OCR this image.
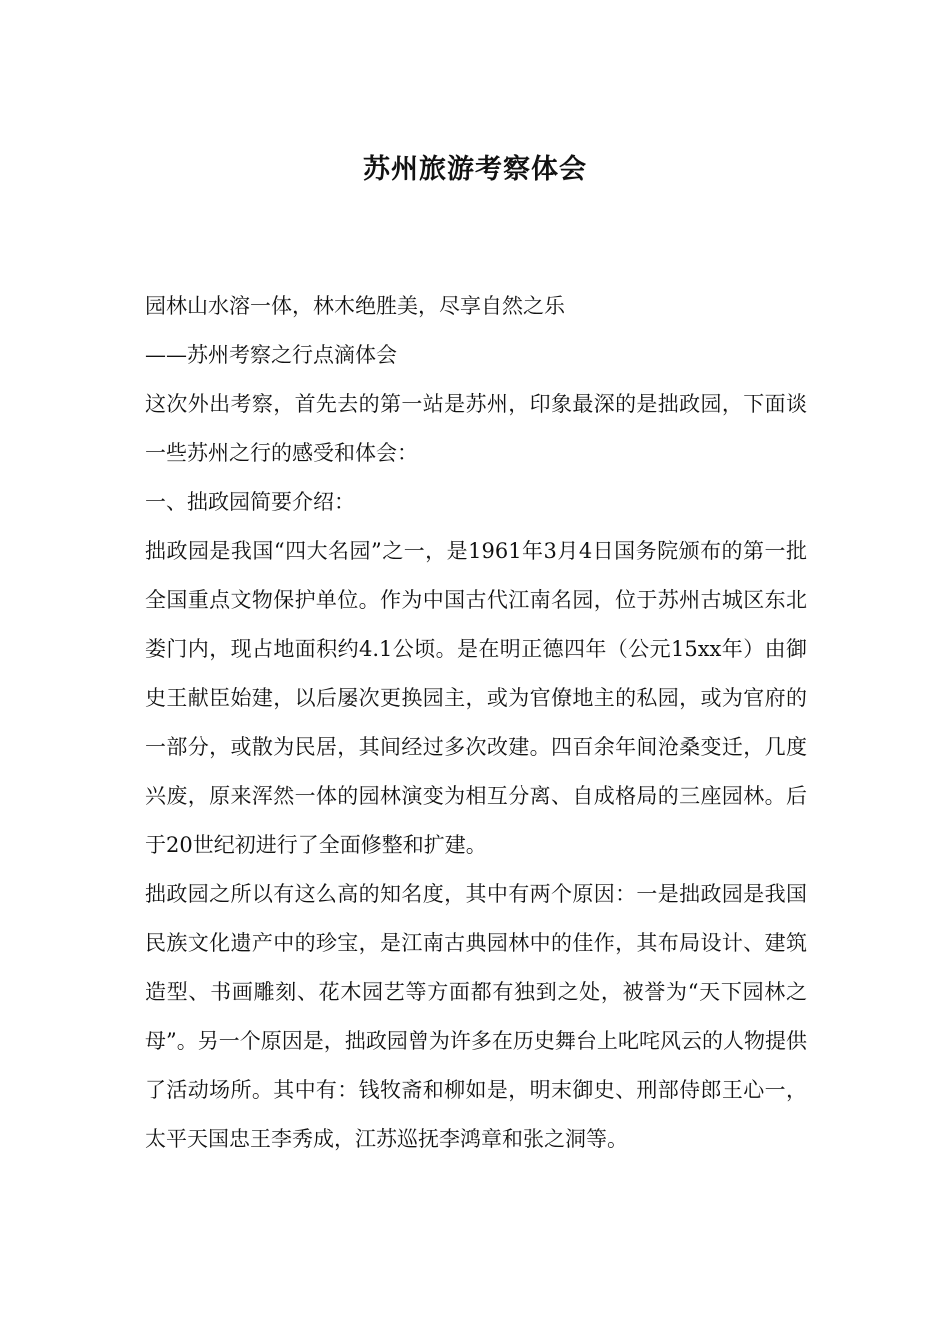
苏州旅游考察体会

园林山水溶一体，林木绝胜美，尽享自然之乐

——苏州考察之行点滴体会

这次外出考察，首先去的第一站是苏州，印象最深的是拙政园，下面谈一些苏州之行的感受和体会：

一、拙政园简要介绍：

拙政园是我国“四大名园”之一，是1961年3月4日国务院颁布的第一批全国重点文物保护单位。作为中国古代江南名园，位于苏州古城区东北娄门内，现占地面积约4.1公顷。是在明正德四年（公元15xx年）由御史王献臣始建，以后屡次更换园主，或为官僚地主的私园，或为官府的一部分，或散为民居，其间经过多次改建。四百余年间沧桑变迁，几度兴废，原来浑然一体的园林演变为相互分离、自成格局的三座园林。后于20世纪初进行了全面修整和扩建。

拙政园之所以有这么高的知名度，其中有两个原因：一是拙政园是我国民族文化遗产中的珍宝，是江南古典园林中的佳作，其布局设计、建筑造型、书画雕刻、花木园艺等方面都有独到之处，被誉为“天下园林之母”。另一个原因是，拙政园曾为许多在历史舞台上叱咤风云的人物提供了活动场所。其中有：钱牧斋和柳如是，明末御史、刑部侍郎王心一，太平天国忠王李秀成，江苏巡抚李鸿章和张之洞等。
